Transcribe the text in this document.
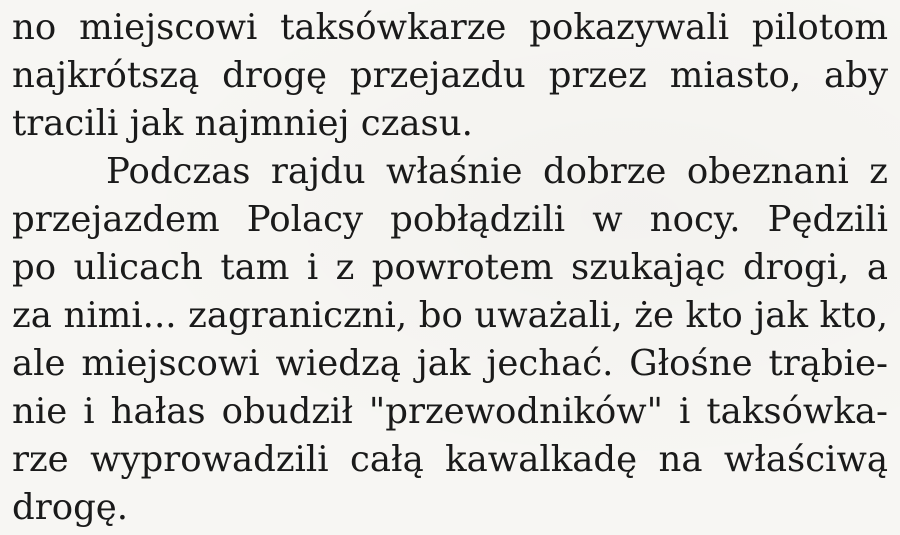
no miejscowi taksówkarze pokazywali pilotom
najkrótszą drogę przejazdu przez miasto, aby
tracili jak najmniej czasu.
Podczas rajdu właśnie dobrze obeznani z
przejazdem Polacy pobłądzili w nocy. Pędzili
po ulicach tam i z powrotem szukając drogi, a
za nimi... zagraniczni, bo uważali, że kto jak kto,
ale miejscowi wiedzą jak jechać. Głośne trąbie-
nie i hałas obudził "przewodników" i taksówka-
rze wyprowadzili całą kawalkadę na właściwą
drogę.
